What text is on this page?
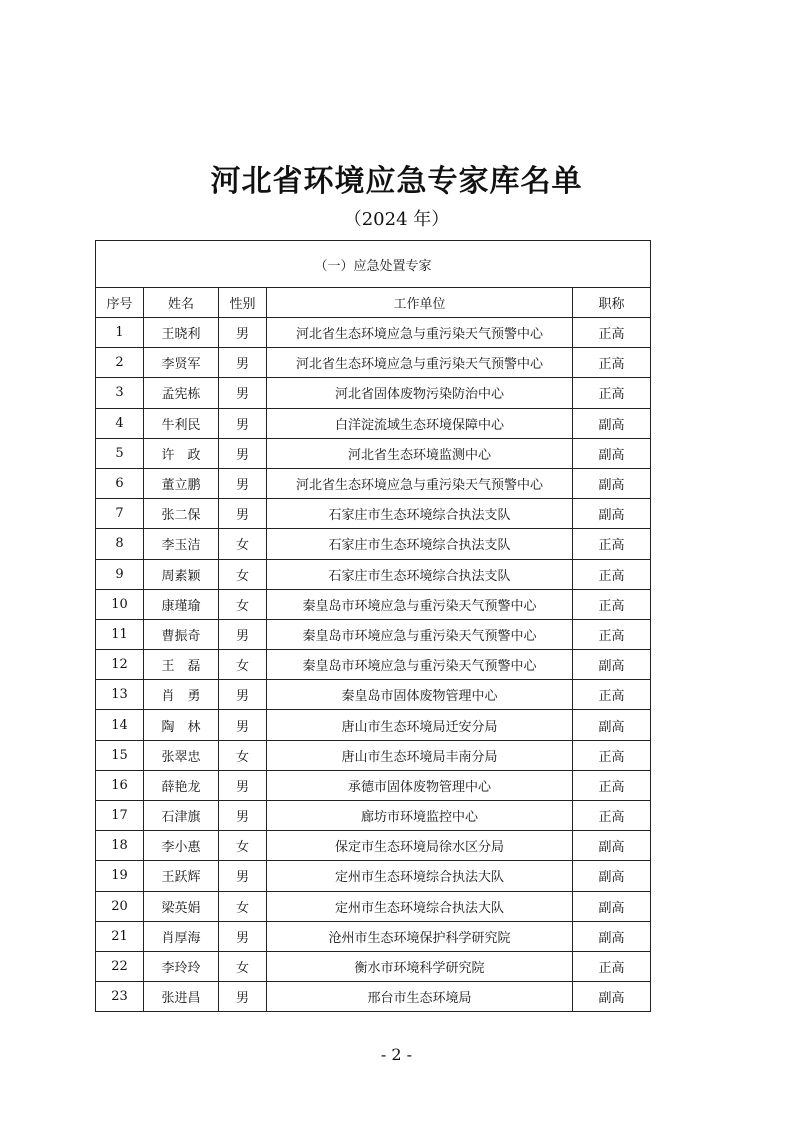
河北省环境应急专家库名单
（2024 年）
（一）应急处置专家				
序号	姓名	性别	工作单位	职称
1	王晓利	男	河北省生态环境应急与重污染天气预警中心	正高
2	李贤军	男	河北省生态环境应急与重污染天气预警中心	正高
3	孟宪栋	男	河北省固体废物污染防治中心	正高
4	牛利民	男	白洋淀流域生态环境保障中心	副高
5	许　政	男	河北省生态环境监测中心	副高
6	董立鹏	男	河北省生态环境应急与重污染天气预警中心	副高
7	张二保	男	石家庄市生态环境综合执法支队	副高
8	李玉洁	女	石家庄市生态环境综合执法支队	正高
9	周素颖	女	石家庄市生态环境综合执法支队	正高
10	康瑾瑜	女	秦皇岛市环境应急与重污染天气预警中心	正高
11	曹振奇	男	秦皇岛市环境应急与重污染天气预警中心	正高
12	王　磊	女	秦皇岛市环境应急与重污染天气预警中心	副高
13	肖　勇	男	秦皇岛市固体废物管理中心	正高
14	陶　林	男	唐山市生态环境局迁安分局	副高
15	张翠忠	女	唐山市生态环境局丰南分局	正高
16	薛艳龙	男	承德市固体废物管理中心	正高
17	石津旗	男	廊坊市环境监控中心	正高
18	李小惠	女	保定市生态环境局徐水区分局	副高
19	王跃辉	男	定州市生态环境综合执法大队	副高
20	梁英娟	女	定州市生态环境综合执法大队	副高
21	肖厚海	男	沧州市生态环境保护科学研究院	副高
22	李玲玲	女	衡水市环境科学研究院	正高
23	张进昌	男	邢台市生态环境局	副高
- 2 -
